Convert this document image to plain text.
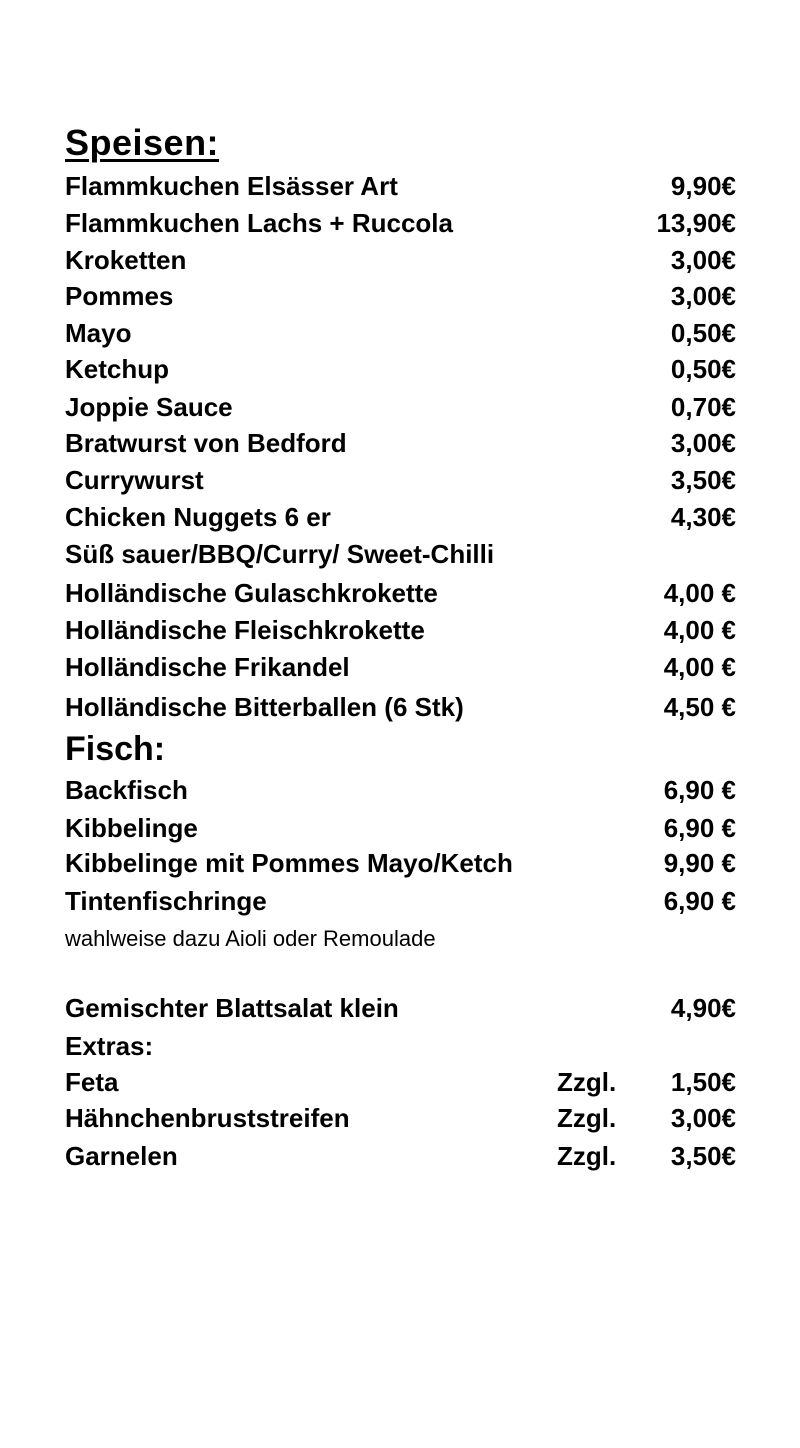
Speisen:
Flammkuchen Elsässer Art	9,90€
Flammkuchen Lachs + Ruccola	13,90€
Kroketten	3,00€
Pommes	3,00€
Mayo	0,50€
Ketchup	0,50€
Joppie Sauce	0,70€
Bratwurst von Bedford	3,00€
Currywurst	3,50€
Chicken Nuggets 6 er	4,30€
Süß sauer/BBQ/Curry/ Sweet-Chilli
Holländische Gulaschkrokette	4,00 €
Holländische Fleischkrokette	4,00 €
Holländische Frikandel	4,00 €
Holländische Bitterballen (6 Stk)	4,50 €
Fisch:
Backfisch	6,90 €
Kibbelinge	6,90 €
Kibbelinge mit Pommes Mayo/Ketch	9,90 €
Tintenfischringe	6,90 €
wahlweise dazu Aioli oder Remoulade
Gemischter Blattsalat klein	4,90€
Extras:
Feta	Zzgl. 1,50€
Hähnchenbruststreifen	Zzgl. 3,00€
Garnelen	Zzgl. 3,50€
